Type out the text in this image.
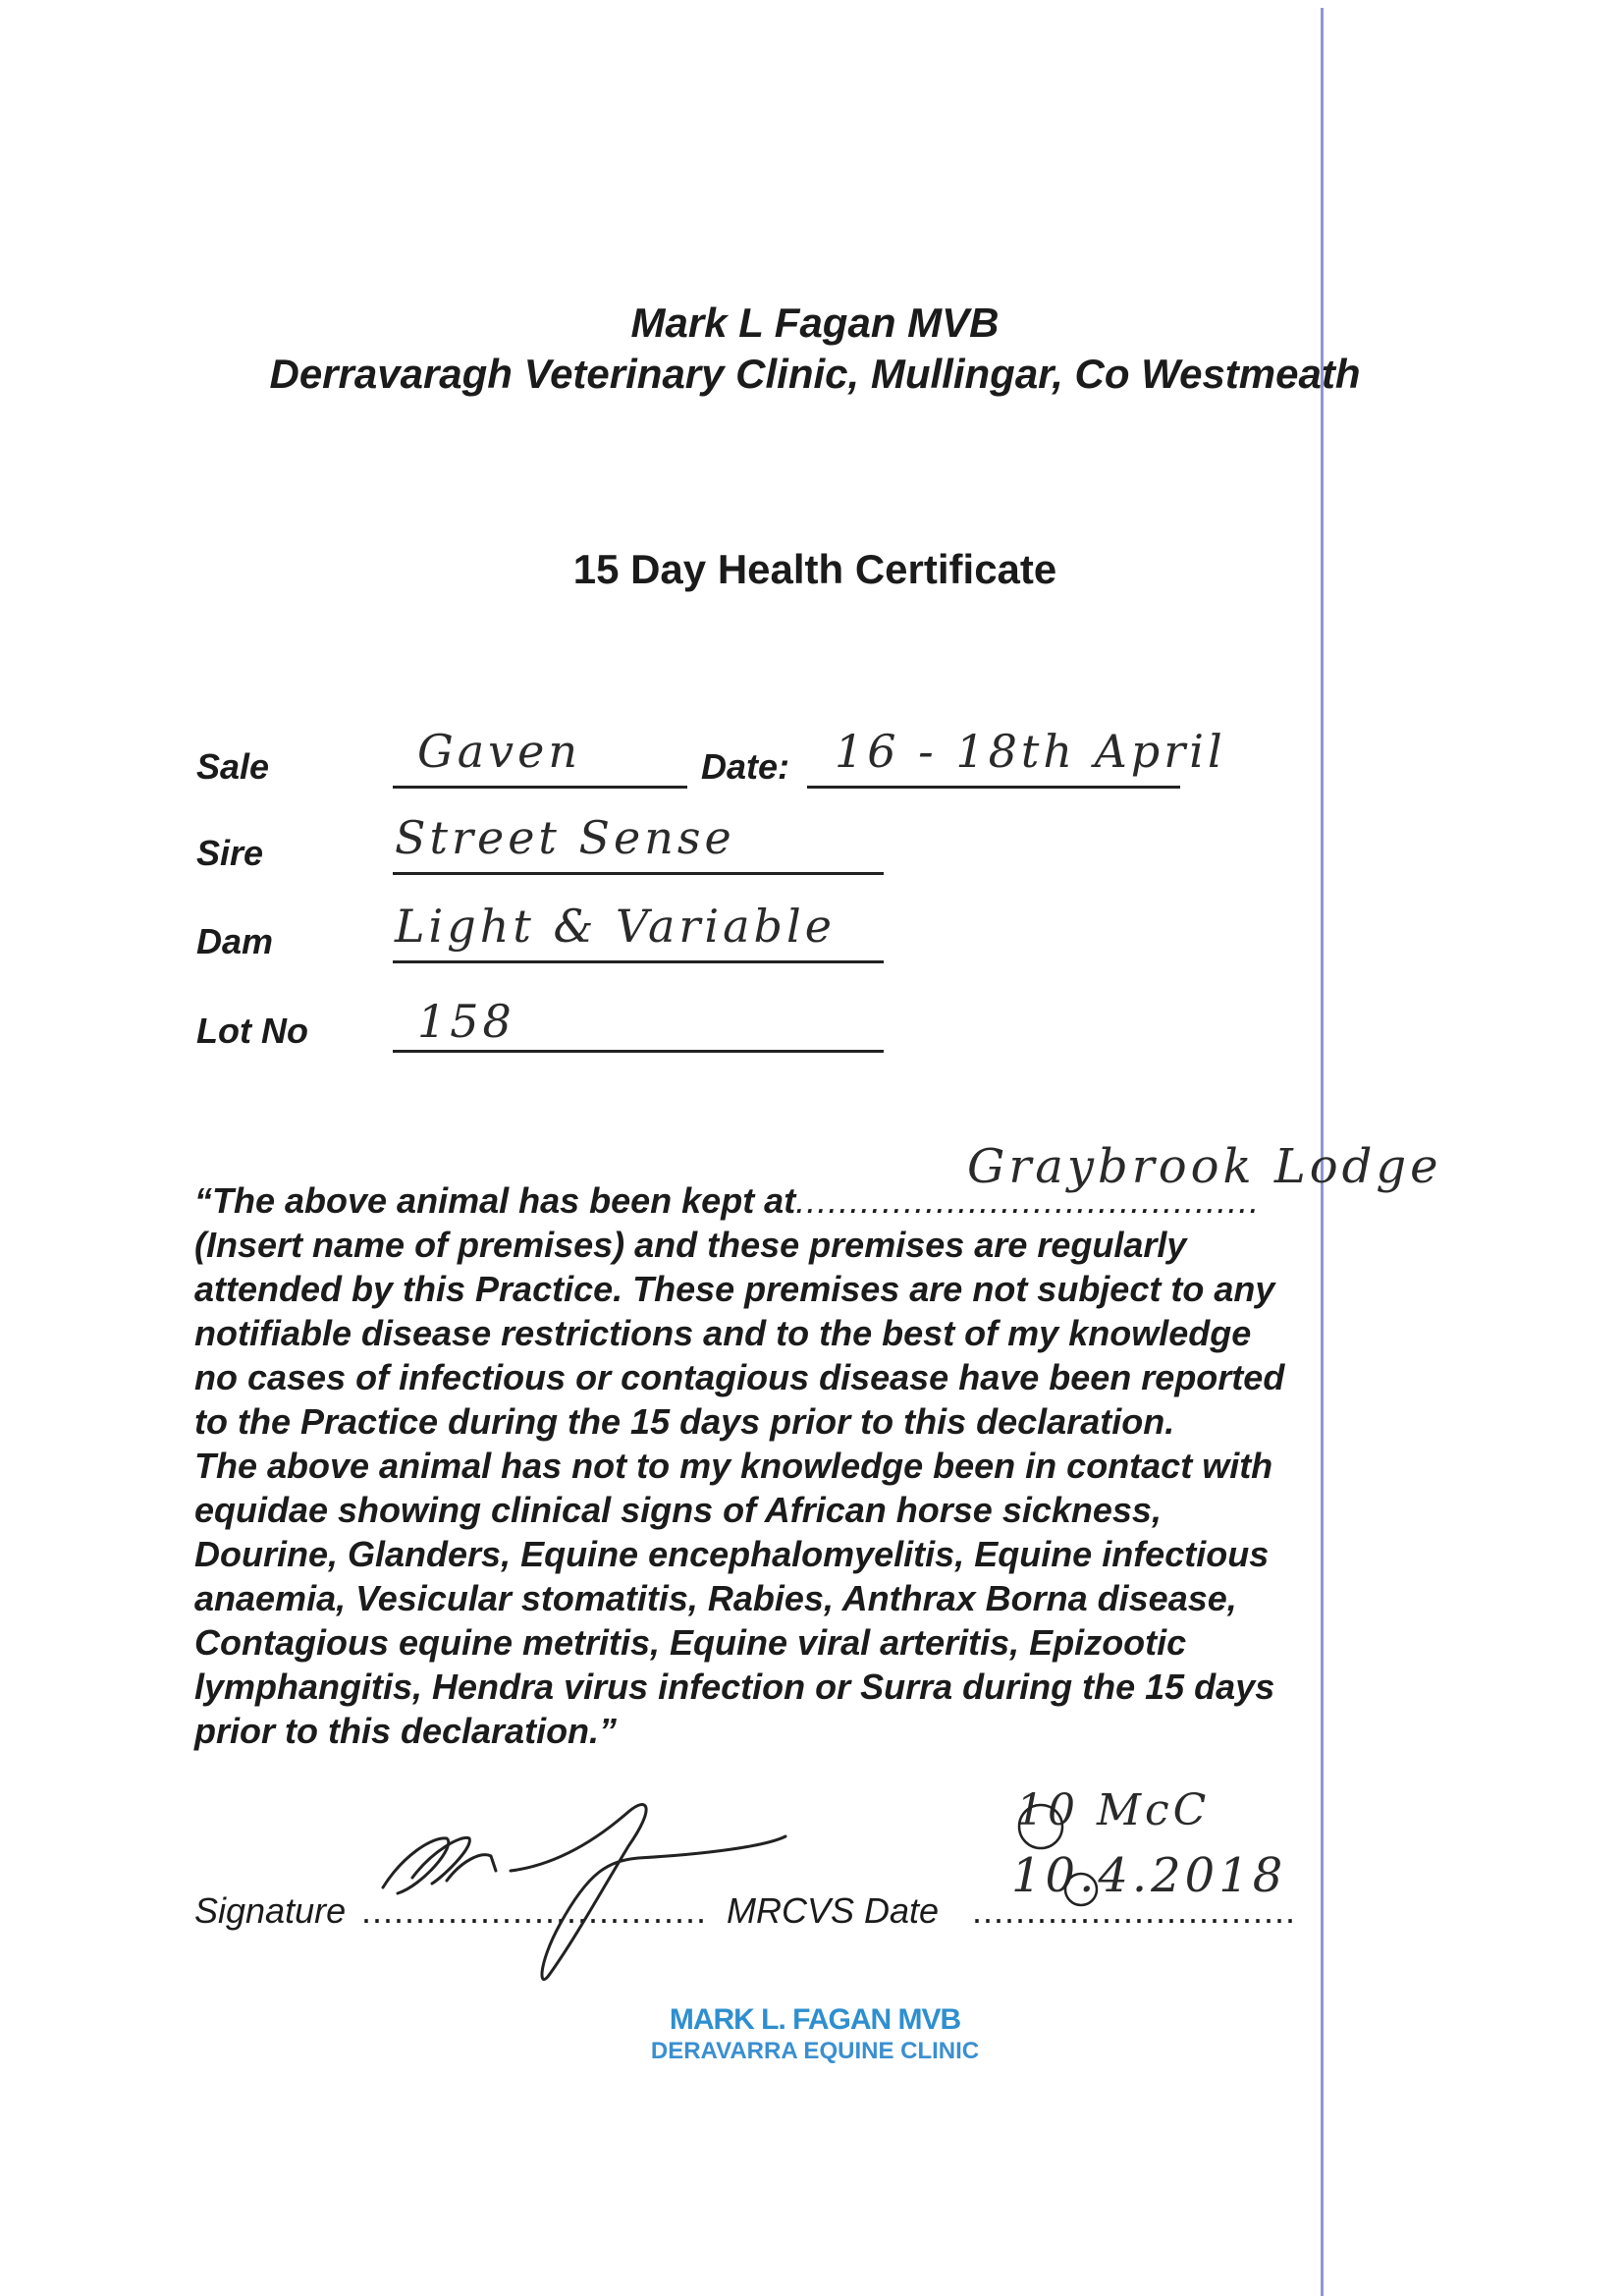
Mark L Fagan MVB
Derravaragh Veterinary Clinic, Mullingar, Co Westmeath
15 Day Health Certificate
Sale	Gaven	Date: 16 - 18th April
Sire	Street Sense
Dam	Light & Variable
Lot No 158
Graybrook Lodge

“The above animal has been kept at...........................................

(Insert name of premises) and these premises are regularly

attended by this Practice. These premises are not subject to any

notifiable disease restrictions and to the best of my knowledge

no cases of infectious or contagious disease have been reported

to the Practice during the 15 days prior to this declaration.

The above animal has not to my knowledge been in contact with

equidae showing clinical signs of African horse sickness,

Dourine, Glanders, Equine encephalomyelitis, Equine infectious

anaemia, Vesicular stomatitis, Rabies, Anthrax Borna disease,

Contagious equine metritis, Equine viral arteritis, Epizootic

lymphangitis, Hendra virus infection or Surra during the 15 days

prior to this declaration.”

Signature ................................ MRCVS Date ..............................
10 McC
10.4.2018
MARK L. FAGAN MVB
DERAVARRA EQUINE CLINIC
